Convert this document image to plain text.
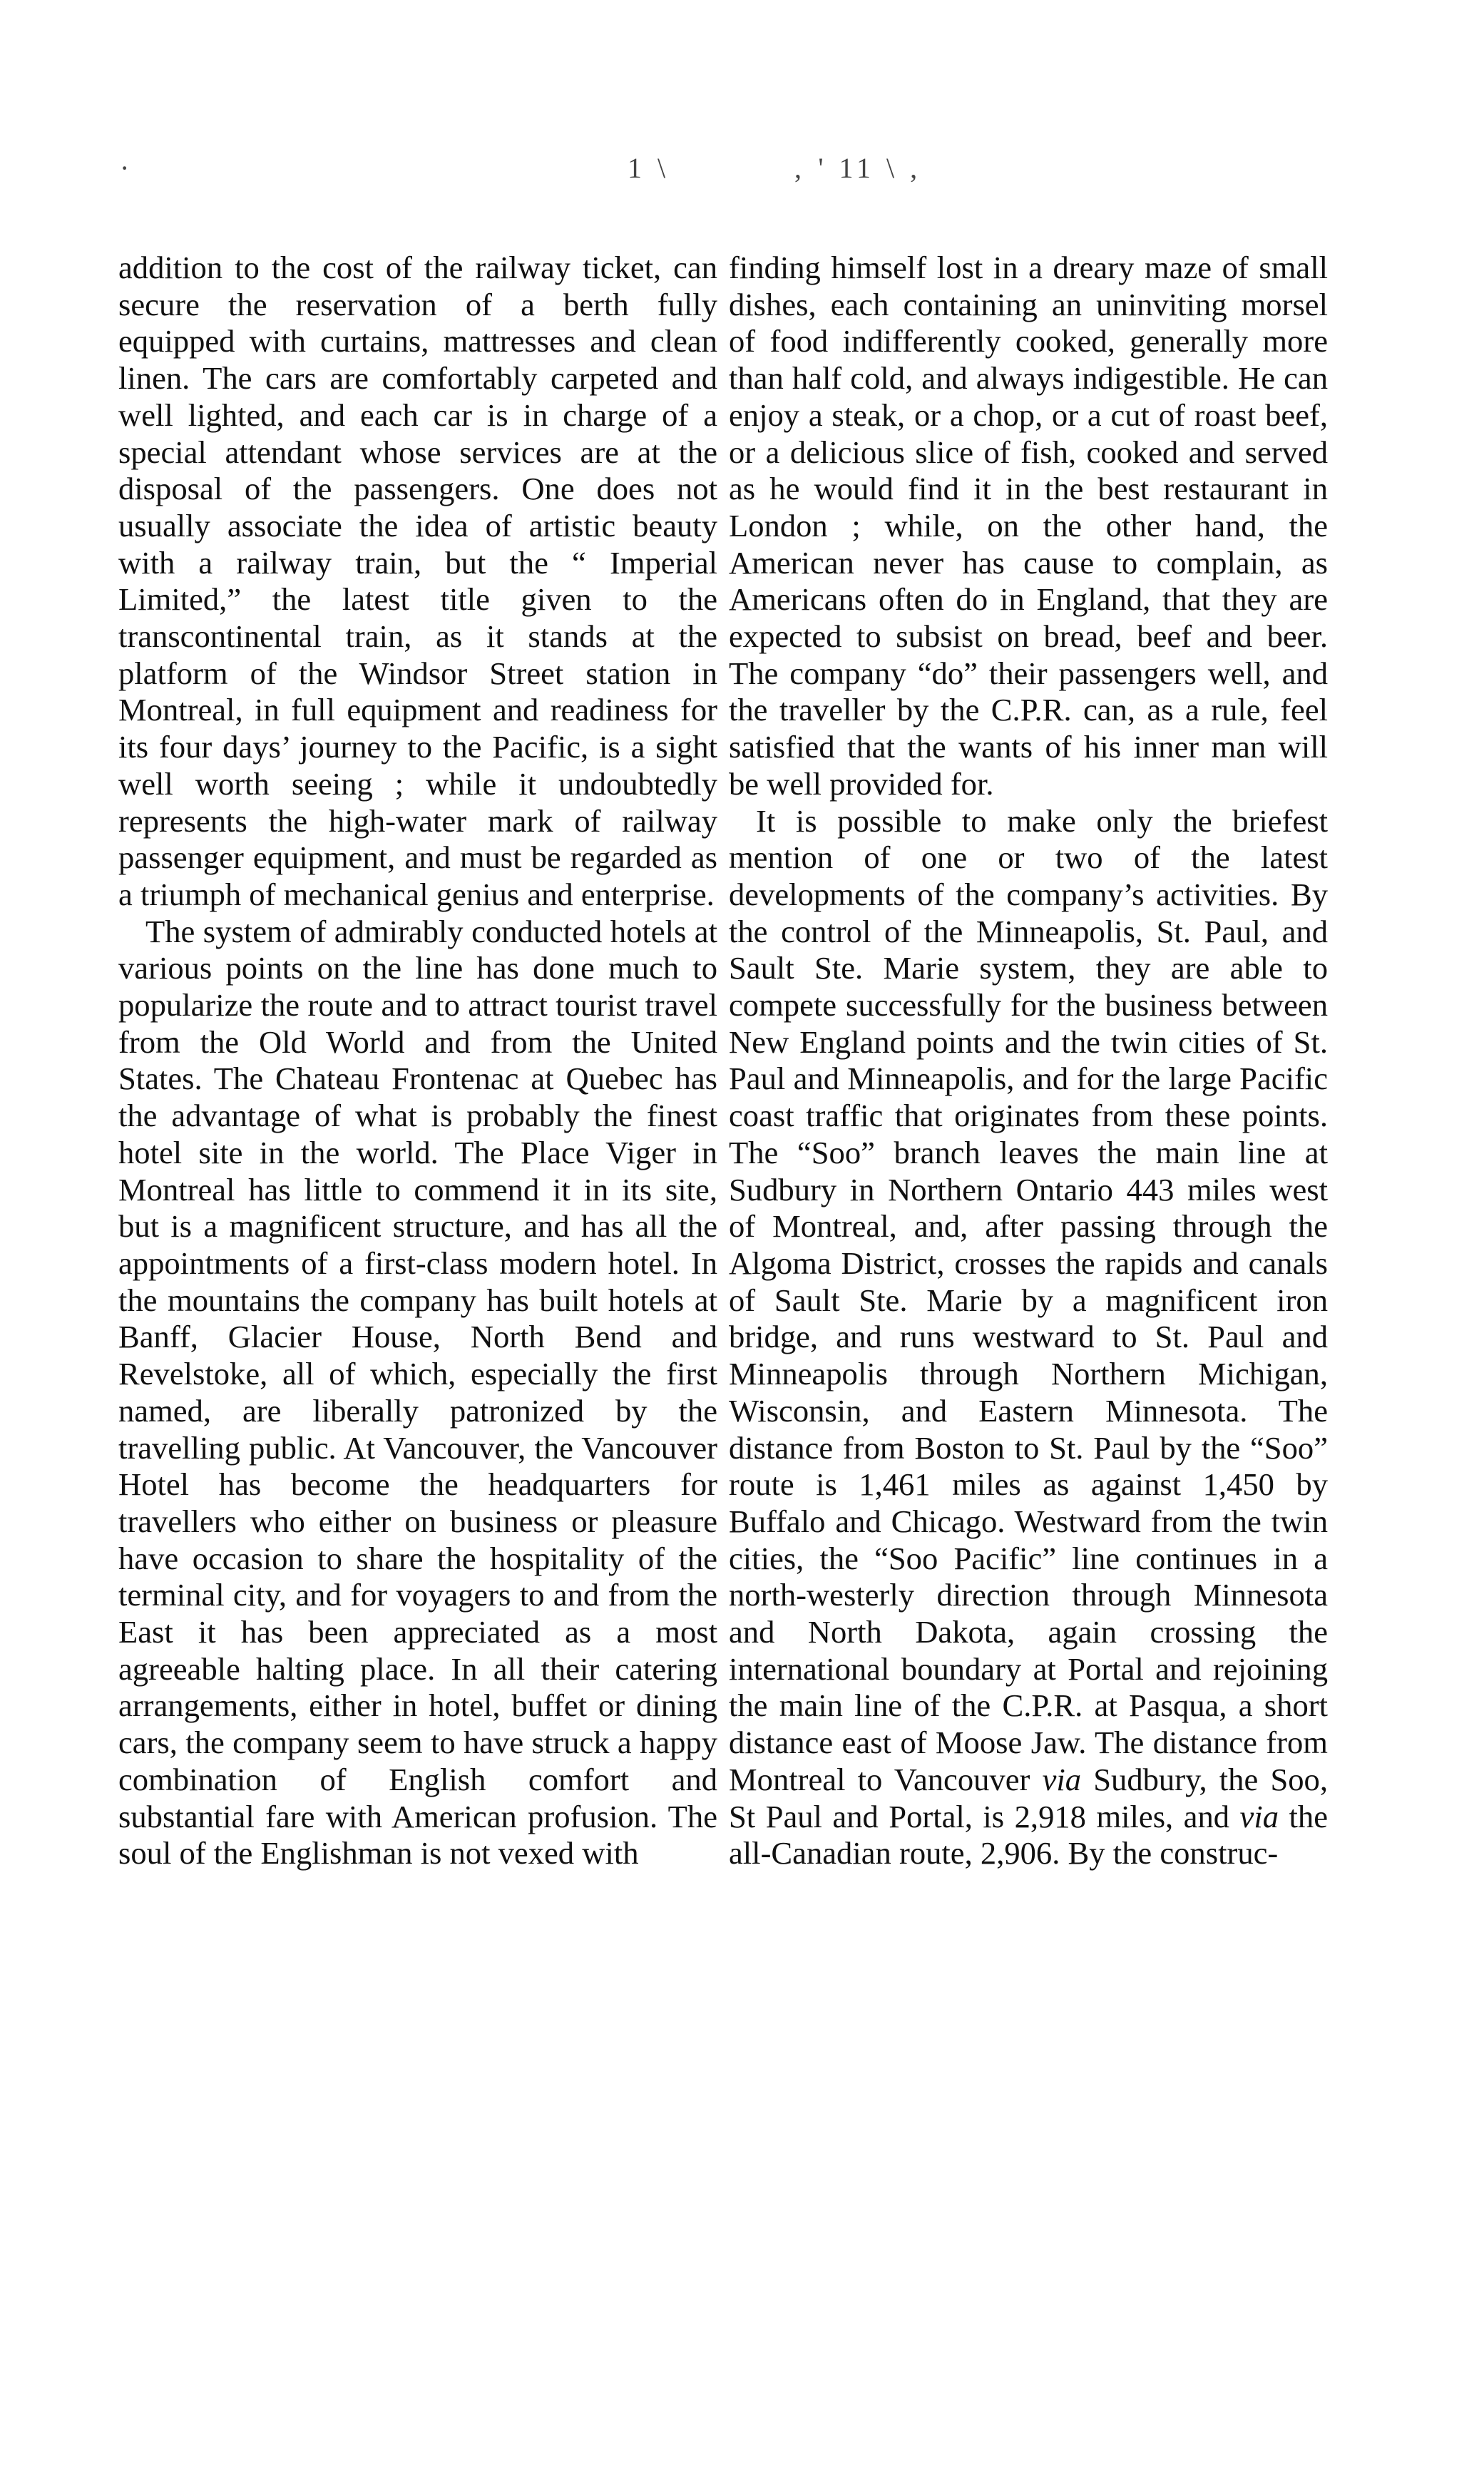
·	1 \	‚ ' 11 \ ,

addition to the cost of the railway ticket, can secure the reservation of a berth fully equipped with curtains, mattresses and clean linen. The cars are comfortably carpeted and well lighted, and each car is in charge of a special attendant whose services are at the disposal of the passengers. One does not usually associate the idea of artistic beauty with a railway train, but the “ Imperial Limited,” the latest title given to the transcontinental train, as it stands at the platform of the Windsor Street station in Montreal, in full equipment and readiness for its four days’ journey to the Pacific, is a sight well worth seeing ; while it undoubtedly represents the high-water mark of railway passenger equipment, and must be regarded as a triumph of mechanical genius and enterprise.

The system of admirably conducted hotels at various points on the line has done much to popularize the route and to attract tourist travel from the Old World and from the United States. The Chateau Frontenac at Quebec has the advantage of what is probably the finest hotel site in the world. The Place Viger in Montreal has little to commend it in its site, but is a magnificent structure, and has all the appointments of a first-class modern hotel. In the mountains the company has built hotels at Banff, Glacier House, North Bend and Revelstoke, all of which, especially the first named, are liberally patronized by the travelling public. At Vancouver, the Vancouver Hotel has become the headquarters for travellers who either on business or pleasure have occasion to share the hospitality of the terminal city, and for voyagers to and from the East it has been appreciated as a most agreeable halting place. In all their catering arrangements, either in hotel, buffet or dining cars, the company seem to have struck a happy combination of English comfort and substantial fare with American profusion. The soul of the Englishman is not vexed with

finding himself lost in a dreary maze of small dishes, each containing an uninviting morsel of food indifferently cooked, generally more than half cold, and always indigestible. He can enjoy a steak, or a chop, or a cut of roast beef, or a delicious slice of fish, cooked and served as he would find it in the best restaurant in London ; while, on the other hand, the American never has cause to complain, as Americans often do in England, that they are expected to subsist on bread, beef and beer. The company “do” their passengers well, and the traveller by the C.P.R. can, as a rule, feel satisfied that the wants of his inner man will be well provided for.

It is possible to make only the briefest mention of one or two of the latest developments of the company’s activities. By the control of the Minneapolis, St. Paul, and Sault Ste. Marie system, they are able to compete successfully for the business between New England points and the twin cities of St. Paul and Minneapolis, and for the large Pacific coast traffic that originates from these points. The “Soo” branch leaves the main line at Sudbury in Northern Ontario 443 miles west of Montreal, and, after passing through the Algoma District, crosses the rapids and canals of Sault Ste. Marie by a magnificent iron bridge, and runs westward to St. Paul and Minneapolis through Northern Michigan, Wisconsin, and Eastern Minnesota. The distance from Boston to St. Paul by the “Soo” route is 1,461 miles as against 1,450 by Buffalo and Chicago. Westward from the twin cities, the “Soo Pacific” line continues in a north-westerly direction through Minnesota and North Dakota, again crossing the international boundary at Portal and rejoining the main line of the C.P.R. at Pasqua, a short distance east of Moose Jaw. The distance from Montreal to Vancouver via Sudbury, the Soo, St Paul and Portal, is 2,918 miles, and via the all-Canadian route, 2,906. By the construc-
